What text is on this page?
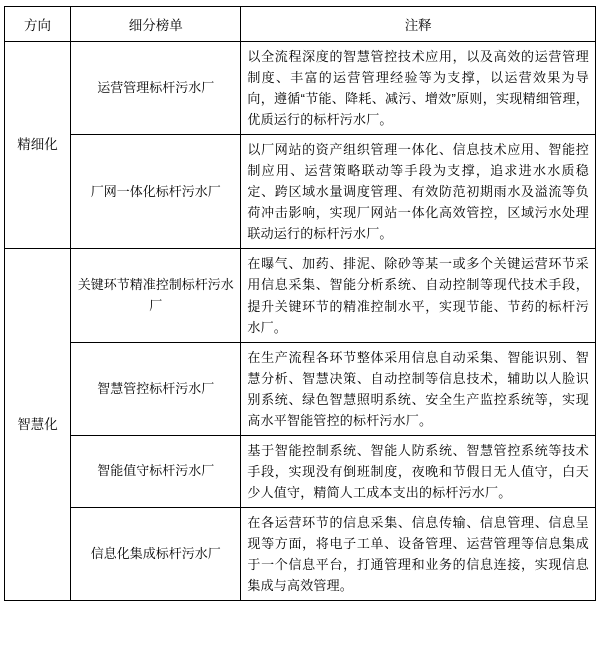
方向	细分榜单	注释
精细化	运营管理标杆污水厂	以全流程深度的智慧管控技术应用，以及高效的运营管理制度、丰富的运营管理经验等为支撑，以运营效果为导向，遵循“节能、降耗、减污、增效”原则，实现精细管理，优质运行的标杆污水厂。

	厂网一体化标杆污水厂	以厂网站的资产组织管理一体化、信息技术应用、智能控制应用、运营策略联动等手段为支撑，追求进水水质稳定、跨区域水量调度管理、有效防范初期雨水及溢流等负荷冲击影响，实现厂网站一体化高效管控，区域污水处理联动运行的标杆污水厂。

智慧化	关键环节精准控制标杆污水厂	在曝气、加药、排泥、除砂等某一或多个关键运营环节采用信息采集、智能分析系统、自动控制等现代技术手段，提升关键环节的精准控制水平，实现节能、节药的标杆污水厂。

	智慧管控标杆污水厂	在生产流程各环节整体采用信息自动采集、智能识别、智慧分析、智慧决策、自动控制等信息技术，辅助以人脸识别系统、绿色智慧照明系统、安全生产监控系统等，实现高水平智能管控的标杆污水厂。

	智能值守标杆污水厂	基于智能控制系统、智能人防系统、智慧管控系统等技术手段，实现没有倒班制度，夜晚和节假日无人值守，白天少人值守，精简人工成本支出的标杆污水厂。

	信息化集成标杆污水厂	在各运营环节的信息采集、信息传输、信息管理、信息呈现等方面，将电子工单、设备管理、运营管理等信息集成于一个信息平台，打通管理和业务的信息连接，实现信息集成与高效管理。
